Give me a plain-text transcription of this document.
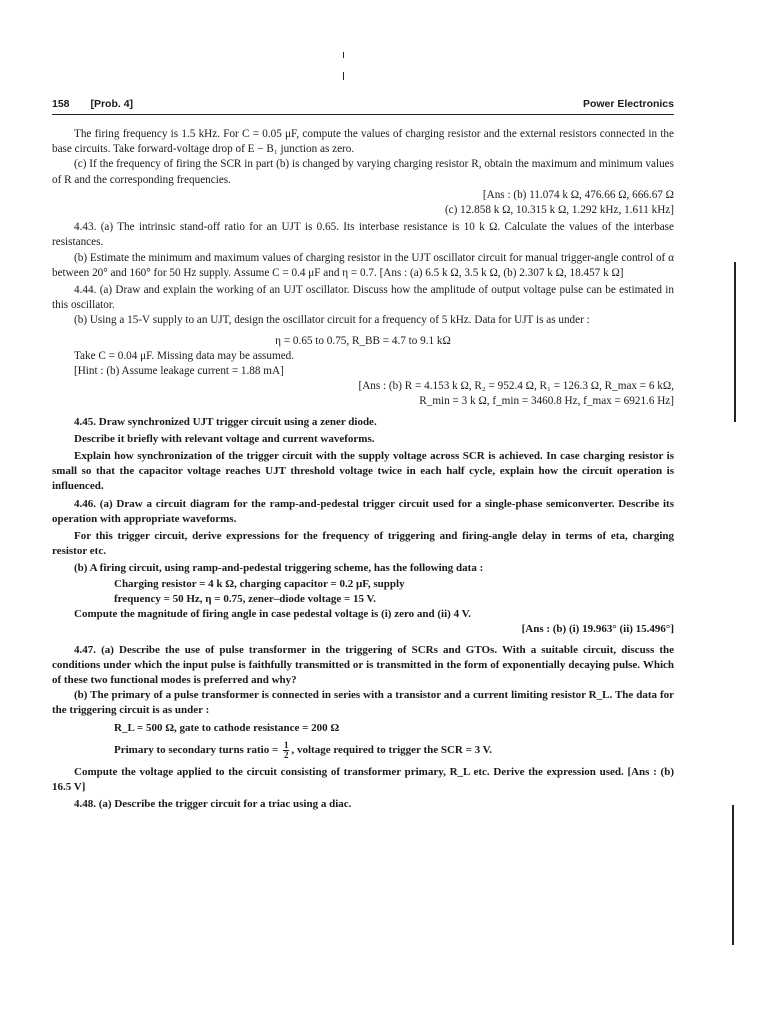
158 [Prob. 4]	Power Electronics

The firing frequency is 1.5 kHz. For C = 0.05 μF, compute the values of charging resistor and the external resistors connected in the base circuits. Take forward-voltage drop of E − B₁ junction as zero.

(c) If the frequency of firing the SCR in part (b) is changed by varying charging resistor R, obtain the maximum and minimum values of R and the corresponding frequencies.

[Ans : (b) 11.074 k Ω, 476.66 Ω, 666.67 Ω

(c) 12.858 k Ω, 10.315 k Ω, 1.292 kHz, 1.611 kHz]

4.43. (a) The intrinsic stand-off ratio for an UJT is 0.65. Its interbase resistance is 10 k Ω. Calculate the values of the interbase resistances.

(b) Estimate the minimum and maximum values of charging resistor in the UJT oscillator circuit for manual trigger-angle control of α between 20° and 160° for 50 Hz supply. Assume C = 0.4 μF and η = 0.7. [Ans : (a) 6.5 k Ω, 3.5 k Ω, (b) 2.307 k Ω, 18.457 k Ω]

4.44. (a) Draw and explain the working of an UJT oscillator. Discuss how the amplitude of output voltage pulse can be estimated in this oscillator.

(b) Using a 15-V supply to an UJT, design the oscillator circuit for a frequency of 5 kHz. Data for UJT is as under :

η = 0.65 to 0.75, R_BB = 4.7 to 9.1 kΩ

Take C = 0.04 μF. Missing data may be assumed.

[Hint : (b) Assume leakage current = 1.88 mA]

[Ans : (b) R = 4.153 k Ω, R₂ = 952.4 Ω, R₁ = 126.3 Ω, R_max = 6 kΩ,

R_min = 3 k Ω, f_min = 3460.8 Hz, f_max = 6921.6 Hz]

4.45. Draw synchronized UJT trigger circuit using a zener diode.

Describe it briefly with relevant voltage and current waveforms.

Explain how synchronization of the trigger circuit with the supply voltage across SCR is achieved. In case charging resistor is small so that the capacitor voltage reaches UJT threshold voltage twice in each half cycle, explain how the circuit operation is influenced.

4.46. (a) Draw a circuit diagram for the ramp-and-pedestal trigger circuit used for a single-phase semiconverter. Describe its operation with appropriate waveforms.

For this trigger circuit, derive expressions for the frequency of triggering and firing-angle delay in terms of eta, charging resistor etc.

(b) A firing circuit, using ramp-and-pedestal triggering scheme, has the following data :

Charging resistor = 4 k Ω, charging capacitor = 0.2 μF, supply

frequency = 50 Hz, η = 0.75, zener–diode voltage = 15 V.

Compute the magnitude of firing angle in case pedestal voltage is (i) zero and (ii) 4 V.

[Ans : (b) (i) 19.963° (ii) 15.496°]

4.47. (a) Describe the use of pulse transformer in the triggering of SCRs and GTOs. With a suitable circuit, discuss the conditions under which the input pulse is faithfully transmitted or is transmitted in the form of exponentially decaying pulse. Which of these two functional modes is preferred and why?

(b) The primary of a pulse transformer is connected in series with a transistor and a current limiting resistor R_L. The data for the triggering circuit is as under :

R_L = 500 Ω, gate to cathode resistance = 200 Ω

Primary to secondary turns ratio = $\frac{1}{2}$ , voltage required to trigger the SCR = 3 V.

Compute the voltage applied to the circuit consisting of transformer primary, R_L etc. Derive the expression used. [Ans : (b) 16.5 V]

4.48. (a) Describe the trigger circuit for a triac using a diac.
